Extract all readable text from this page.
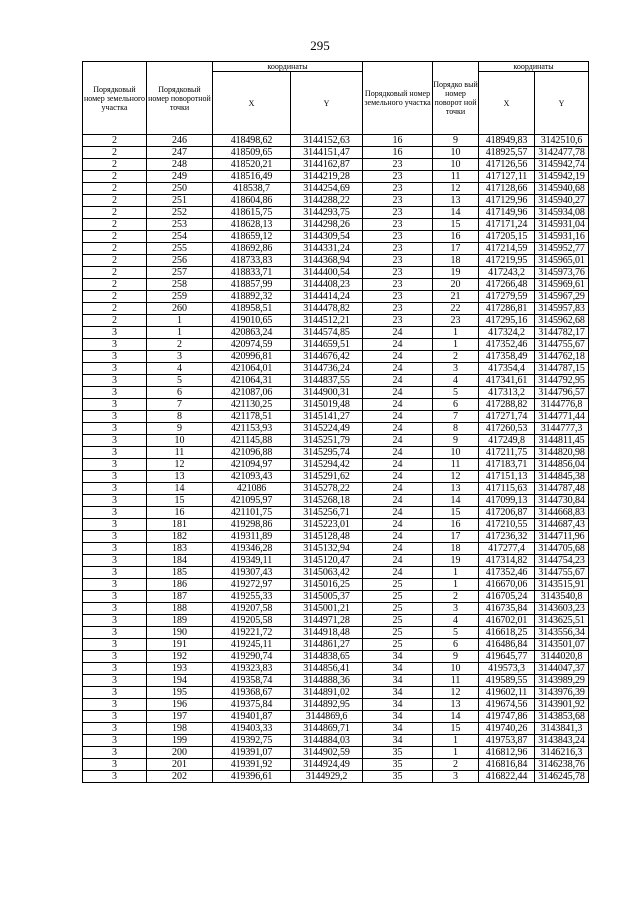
295
Порядковый номер земельного участка	Порядковый номер поворотной точки	координаты		Порядковый номер земельного участка	Порядко вый номер поворот ной точки	координаты	
		X	Y			X	Y
2	246	418498,62	3144152,63	16	9	418949,83	3142510,6
2	247	418509,65	3144151,47	16	10	418925,57	3142477,78
2	248	418520,21	3144162,87	23	10	417126,56	3145942,74
2	249	418516,49	3144219,28	23	11	417127,11	3145942,19
2	250	418538,7	3144254,69	23	12	417128,66	3145940,68
2	251	418604,86	3144288,22	23	13	417129,96	3145940,27
2	252	418615,75	3144293,75	23	14	417149,96	3145934,08
2	253	418628,13	3144298,26	23	15	417171,24	3145931,04
2	254	418659,12	3144309,54	23	16	417205,15	3145931,16
2	255	418692,86	3144331,24	23	17	417214,59	3145952,77
2	256	418733,83	3144368,94	23	18	417219,95	3145965,01
2	257	418833,71	3144400,54	23	19	417243,2	3145973,76
2	258	418857,99	3144408,23	23	20	417266,48	3145969,61
2	259	418892,32	3144414,24	23	21	417279,59	3145967,29
2	260	418958,51	3144478,82	23	22	417286,81	3145957,83
2	1	419010,65	3144512,21	23	23	417295,16	3145962,68
3	1	420863,24	3144574,85	24	1	417324,2	3144782,17
3	2	420974,59	3144659,51	24	1	417352,46	3144755,67
3	3	420996,81	3144676,42	24	2	417358,49	3144762,18
3	4	421064,01	3144736,24	24	3	417354,4	3144787,15
3	5	421064,31	3144837,55	24	4	417341,61	3144792,95
3	6	421087,06	3144900,31	24	5	417313,2	3144796,57
3	7	421130,25	3145019,48	24	6	417288,82	3144776,8
3	8	421178,51	3145141,27	24	7	417271,74	3144771,44
3	9	421153,93	3145224,49	24	8	417260,53	3144777,3
3	10	421145,88	3145251,79	24	9	417249,8	3144811,45
3	11	421096,88	3145295,74	24	10	417211,75	3144820,98
3	12	421094,97	3145294,42	24	11	417183,71	3144856,04
3	13	421093,43	3145291,62	24	12	417151,13	3144845,38
3	14	421086	3145278,22	24	13	417115,63	3144787,48
3	15	421095,97	3145268,18	24	14	417099,13	3144730,84
3	16	421101,75	3145256,71	24	15	417206,87	3144668,83
3	181	419298,86	3145223,01	24	16	417210,55	3144687,43
3	182	419311,89	3145128,48	24	17	417236,32	3144711,96
3	183	419346,28	3145132,94	24	18	417277,4	3144705,68
3	184	419349,11	3145120,47	24	19	417314,82	3144754,23
3	185	419307,43	3145063,42	24	1	417352,46	3144755,67
3	186	419272,97	3145016,25	25	1	416670,06	3143515,91
3	187	419255,33	3145005,37	25	2	416705,24	3143540,8
3	188	419207,58	3145001,21	25	3	416735,84	3143603,23
3	189	419205,58	3144971,28	25	4	416702,01	3143625,51
3	190	419221,72	3144918,48	25	5	416618,25	3143556,34
3	191	419245,11	3144861,27	25	6	416486,84	3143501,07
3	192	419290,74	3144838,65	34	9	419645,77	3144020,8
3	193	419323,83	3144856,41	34	10	419573,3	3144047,37
3	194	419358,74	3144888,36	34	11	419589,55	3143989,29
3	195	419368,67	3144891,02	34	12	419602,11	3143976,39
3	196	419375,84	3144892,95	34	13	419674,56	3143901,92
3	197	419401,87	3144869,6	34	14	419747,86	3143853,68
3	198	419403,33	3144869,71	34	15	419740,26	3143841,3
3	199	419392,75	3144884,03	34	1	419753,87	3143843,24
3	200	419391,07	3144902,59	35	1	416812,96	3146216,3
3	201	419391,92	3144924,49	35	2	416816,84	3146238,76
3	202	419396,61	3144929,2	35	3	416822,44	3146245,78
